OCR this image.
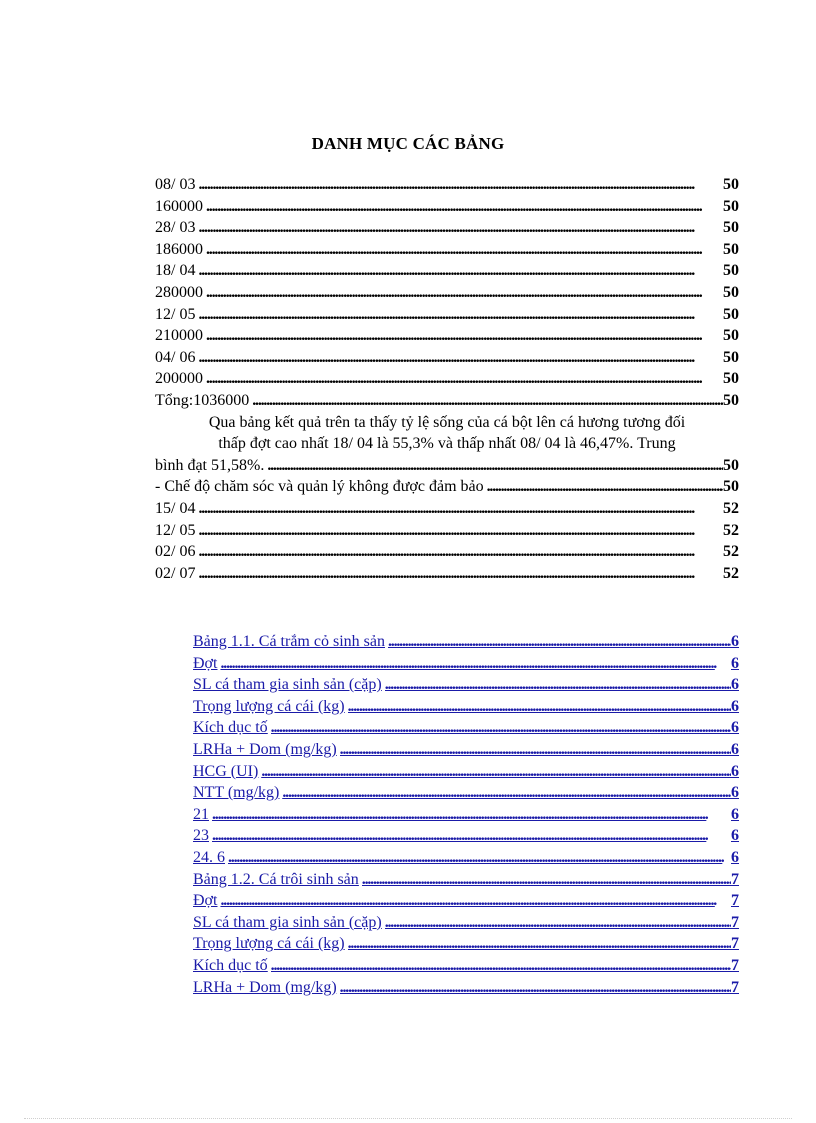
DANH MỤC CÁC BẢNG
08/ 03 . . .	50
160000 . . .	50
28/ 03 . . .	50
186000 . . .	50
18/ 04 . . .	50
280000 . . .	50
12/ 05 . . .	50
210000 . . .	50
04/ 06 . . .	50
200000 . . .	50
Tổng:1036000 . . .	50
Qua bảng kết quả trên ta thấy tỷ lệ sống của cá bột lên cá hương tương đối
thấp đợt cao nhất 18/ 04 là 55,3% và thấp nhất 08/ 04 là 46,47%. Trung
bình đạt 51,58%. . . .	50
- Chế độ chăm sóc và quản lý không được đảm bảo . . .	50
15/ 04 . . .	52
12/ 05 . . .	52
02/ 06 . . .	52
02/ 07 . . .	52
Bảng 1.1. Cá trắm cỏ sinh sản . . .	6
Đợt . . .	6
SL cá tham gia sinh sản (cặp) . . .	6
Trọng lượng cá cái (kg) . . .	6
Kích dục tố . . .	6
LRHa + Dom (mg/kg) . . .	6
HCG (UI) . . .	6
NTT (mg/kg) . . .	6
21 . . .	6
23 . . .	6
24. 6 . . .	6
Bảng 1.2. Cá trôi sinh sản . . .	7
Đợt . . .	7
SL cá tham gia sinh sản (cặp) . . .	7
Trọng lượng cá cái (kg) . . .	7
Kích dục tố . . .	7
LRHa + Dom (mg/kg) . . .	7
